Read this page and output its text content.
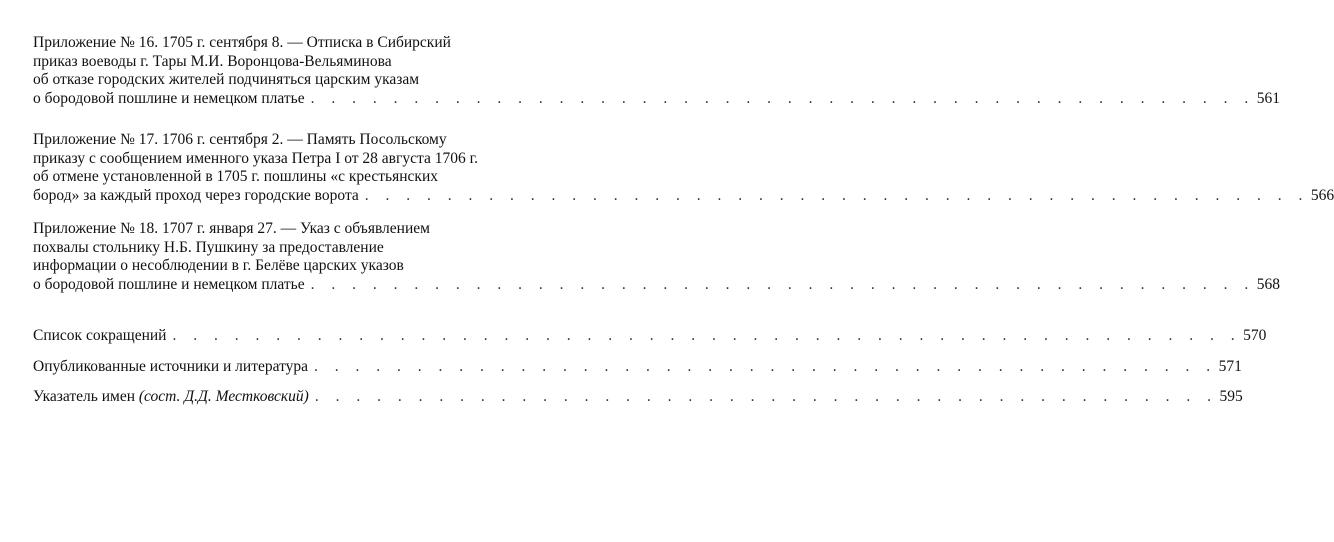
Приложение № 16. 1705 г. сентября 8. — Отписка в Сибирский
приказ воеводы г. Тары М.И. Воронцова-Вельяминова
об отказе городских жителей подчиняться царским указам
о бородовой пошлине и немецком платье . . . . . . . . . . . . . . . . . . . . . . . . . . . . . . . . . . . . . . . . . . . . . . 561
Приложение № 17. 1706 г. сентября 2. — Память Посольскому
приказу с сообщением именного указа Петра I от 28 августа 1706 г.
об отмене установленной в 1705 г. пошлины «с крестьянских
бород» за каждый проход через городские ворота . . . . . . . . . . . . . . . . . . . . . . . . . . . . . . . . . . . . . . . . . . . . . . 566
Приложение № 18. 1707 г. января 27. — Указ с объявлением
похвалы стольнику Н.Б. Пушкину за предоставление
информации о несоблюдении в г. Белёве царских указов
о бородовой пошлине и немецком платье . . . . . . . . . . . . . . . . . . . . . . . . . . . . . . . . . . . . . . . . . . . . . . 568
Список сокращений . . . . . . . . . . . . . . . . . . . . . . . . . . . . . . . . . . . . . . . . . . . . . . . . . . . . 570
Опубликованные источники и литература . . . . . . . . . . . . . . . . . . . . . . . . . . . . . . . . . . . . . . . . . . . . 571
Указатель имен (сост. Д.Д. Местковский) . . . . . . . . . . . . . . . . . . . . . . . . . . . . . . . . . . . . . . . . . . . . 595
